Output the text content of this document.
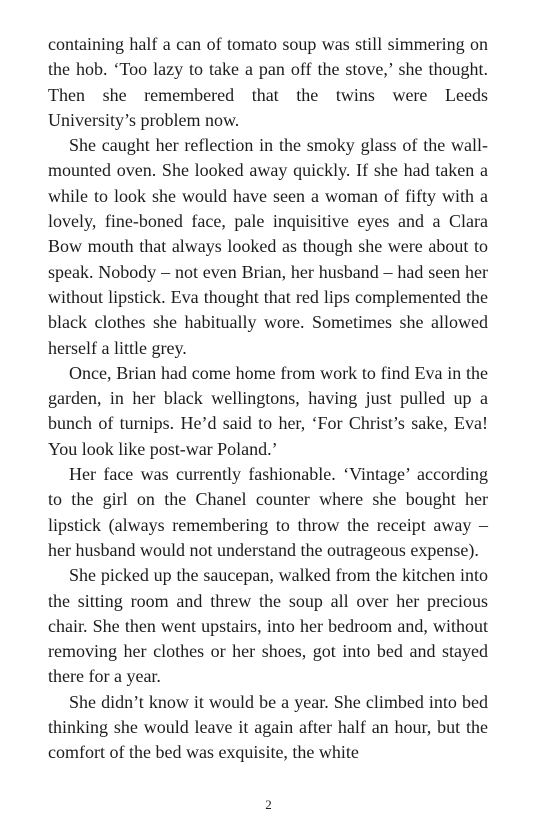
containing half a can of tomato soup was still simmering on the hob. ‘Too lazy to take a pan off the stove,’ she thought. Then she remembered that the twins were Leeds University’s problem now.

She caught her reflection in the smoky glass of the wall-mounted oven. She looked away quickly. If she had taken a while to look she would have seen a woman of fifty with a lovely, fine-boned face, pale inquisitive eyes and a Clara Bow mouth that always looked as though she were about to speak. Nobody – not even Brian, her husband – had seen her without lipstick. Eva thought that red lips complemented the black clothes she habitually wore. Sometimes she allowed herself a little grey.

Once, Brian had come home from work to find Eva in the garden, in her black wellingtons, having just pulled up a bunch of turnips. He’d said to her, ‘For Christ’s sake, Eva! You look like post-war Poland.’

Her face was currently fashionable. ‘Vintage’ according to the girl on the Chanel counter where she bought her lipstick (always remembering to throw the receipt away – her husband would not understand the outrageous expense).

She picked up the saucepan, walked from the kitchen into the sitting room and threw the soup all over her precious chair. She then went upstairs, into her bedroom and, without removing her clothes or her shoes, got into bed and stayed there for a year.

She didn’t know it would be a year. She climbed into bed thinking she would leave it again after half an hour, but the comfort of the bed was exquisite, the white

2
